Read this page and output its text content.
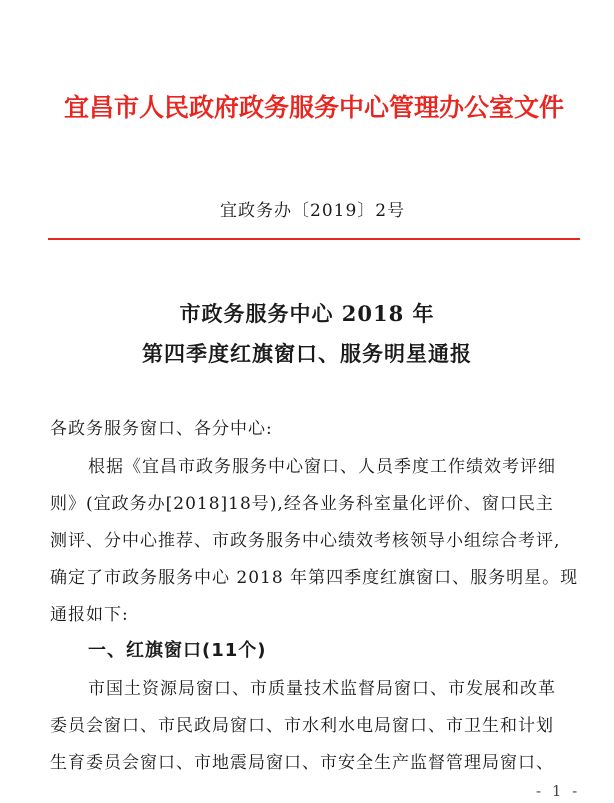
宜昌市人民政府政务服务中心管理办公室文件
宜政务办〔2019〕2号
市政务服务中心 2018 年
第四季度红旗窗口、服务明星通报
各政务服务窗口、各分中心:
根据《宜昌市政务服务中心窗口、人员季度工作绩效考评细
则》(宜政务办[2018]18号),经各业务科室量化评价、窗口民主
测评、分中心推荐、市政务服务中心绩效考核领导小组综合考评,
确定了市政务服务中心 2018 年第四季度红旗窗口、服务明星。现
通报如下:
一、红旗窗口(11个)
市国土资源局窗口、市质量技术监督局窗口、市发展和改革
委员会窗口、市民政局窗口、市水利水电局窗口、市卫生和计划
生育委员会窗口、市地震局窗口、市安全生产监督管理局窗口、
- 1 -
